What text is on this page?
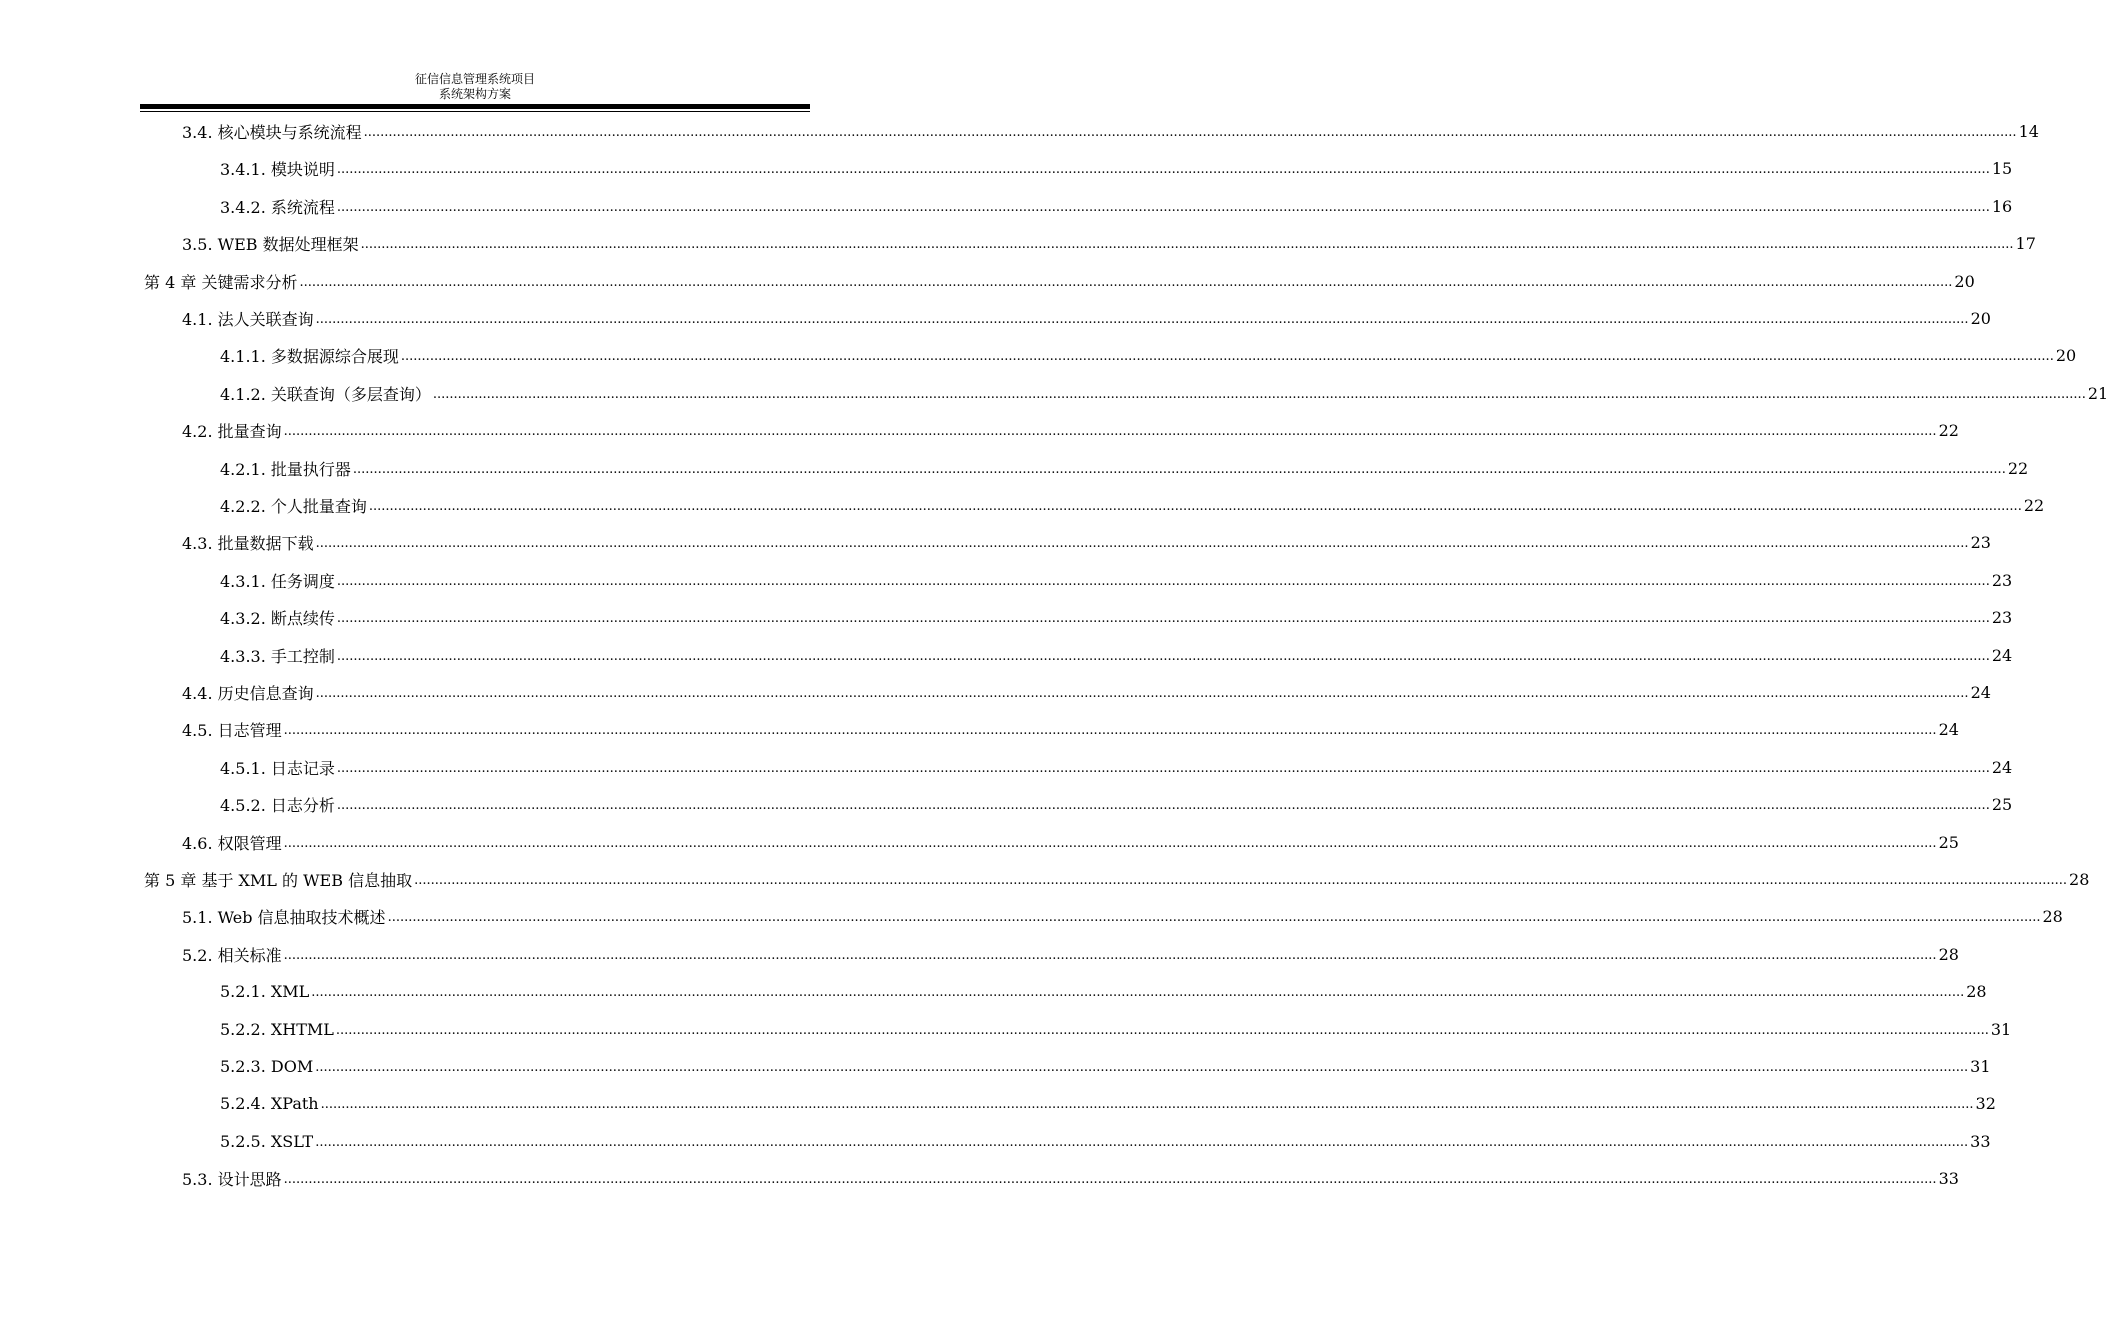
征信信息管理系统项目
系统架构方案
3.4. 核心模块与系统流程 ................................................................................................................................................................................................................................................................................................................................................................................................................ 14
3.4.1. 模块说明 ................................................................................................................................................................................................................................................................................................................................................................................................................ 15
3.4.2. 系统流程 ................................................................................................................................................................................................................................................................................................................................................................................................................ 16
3.5. WEB 数据处理框架 ................................................................................................................................................................................................................................................................................................................................................................................................................ 17
第 4 章 关键需求分析 ................................................................................................................................................................................................................................................................................................................................................................................................................ 20
4.1. 法人关联查询 ................................................................................................................................................................................................................................................................................................................................................................................................................ 20
4.1.1. 多数据源综合展现 ................................................................................................................................................................................................................................................................................................................................................................................................................ 20
4.1.2. 关联查询（多层查询） ................................................................................................................................................................................................................................................................................................................................................................................................................ 21
4.2. 批量查询 ................................................................................................................................................................................................................................................................................................................................................................................................................ 22
4.2.1. 批量执行器 ................................................................................................................................................................................................................................................................................................................................................................................................................ 22
4.2.2. 个人批量查询 ................................................................................................................................................................................................................................................................................................................................................................................................................ 22
4.3. 批量数据下载 ................................................................................................................................................................................................................................................................................................................................................................................................................ 23
4.3.1. 任务调度 ................................................................................................................................................................................................................................................................................................................................................................................................................ 23
4.3.2. 断点续传 ................................................................................................................................................................................................................................................................................................................................................................................................................ 23
4.3.3. 手工控制 ................................................................................................................................................................................................................................................................................................................................................................................................................ 24
4.4. 历史信息查询 ................................................................................................................................................................................................................................................................................................................................................................................................................ 24
4.5. 日志管理 ................................................................................................................................................................................................................................................................................................................................................................................................................ 24
4.5.1. 日志记录 ................................................................................................................................................................................................................................................................................................................................................................................................................ 24
4.5.2. 日志分析 ................................................................................................................................................................................................................................................................................................................................................................................................................ 25
4.6. 权限管理 ................................................................................................................................................................................................................................................................................................................................................................................................................ 25
第 5 章 基于 XML 的 WEB 信息抽取 ................................................................................................................................................................................................................................................................................................................................................................................................................ 28
5.1. Web 信息抽取技术概述 ................................................................................................................................................................................................................................................................................................................................................................................................................ 28
5.2. 相关标准 ................................................................................................................................................................................................................................................................................................................................................................................................................ 28
5.2.1. XML ................................................................................................................................................................................................................................................................................................................................................................................................................ 28
5.2.2. XHTML ................................................................................................................................................................................................................................................................................................................................................................................................................ 31
5.2.3. DOM ................................................................................................................................................................................................................................................................................................................................................................................................................ 31
5.2.4. XPath ................................................................................................................................................................................................................................................................................................................................................................................................................ 32
5.2.5. XSLT ................................................................................................................................................................................................................................................................................................................................................................................................................ 33
5.3. 设计思路 ................................................................................................................................................................................................................................................................................................................................................................................................................ 33
